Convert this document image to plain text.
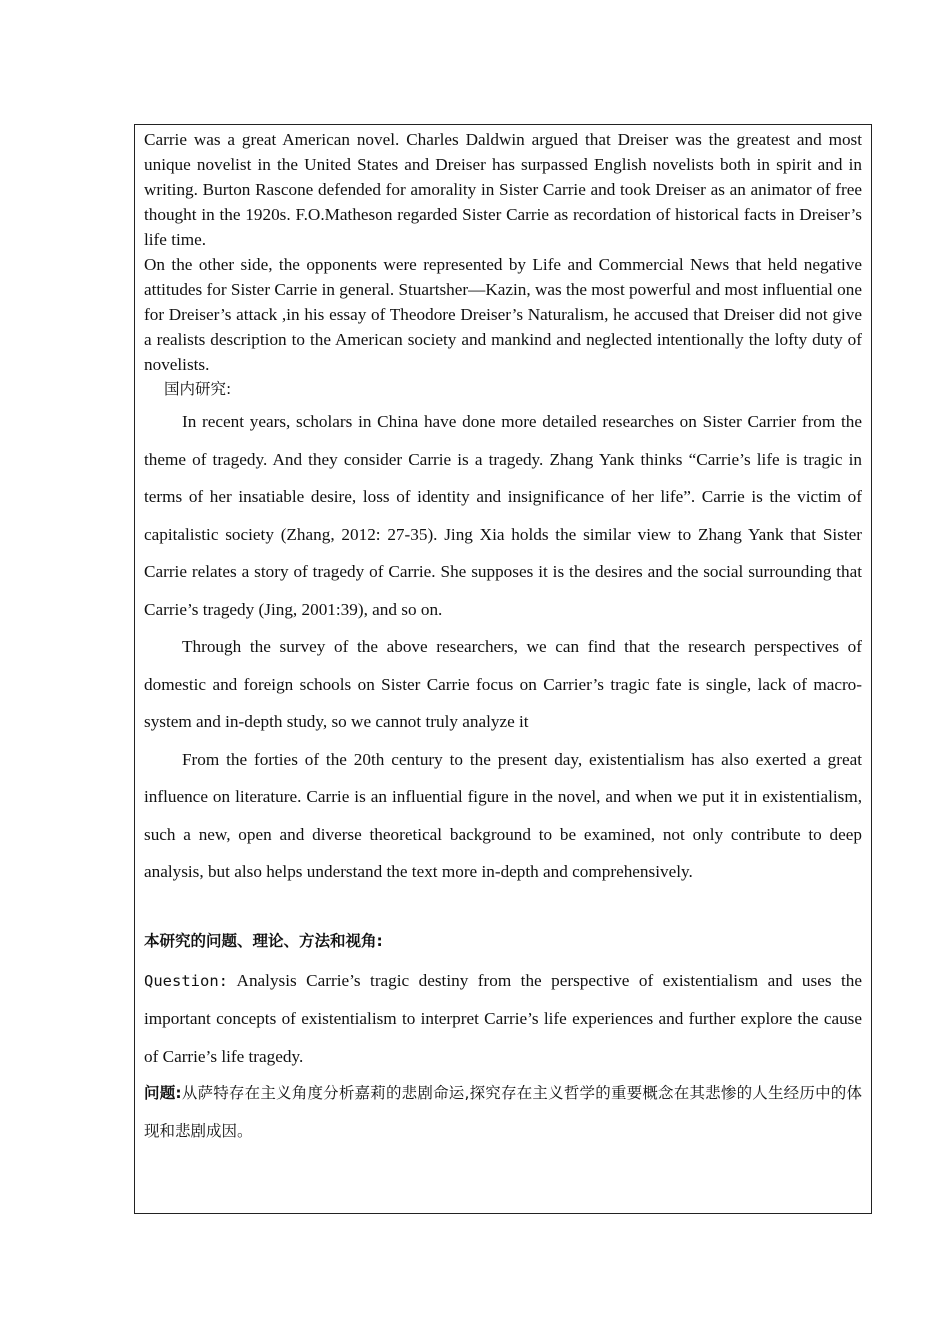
Carrie was a great American novel. Charles Daldwin argued that Dreiser was the greatest and most unique novelist in the United States and Dreiser has surpassed English novelists both in spirit and in writing. Burton Rascone defended for amorality in Sister Carrie and took Dreiser as an animator of free thought in the 1920s. F.O.Matheson regarded Sister Carrie as recordation of historical facts in Dreiser’s life time.

On the other side, the opponents were represented by Life and Commercial News that held negative attitudes for Sister Carrie in general. Stuartsher—Kazin, was the most powerful and most influential one for Dreiser’s attack ,in his essay of Theodore Dreiser’s Naturalism, he accused that Dreiser did not give a realists description to the American society and mankind and neglected intentionally the lofty duty of novelists.

国内研究:

In recent years, scholars in China have done more detailed researches on Sister Carrier from the theme of tragedy. And they consider Carrie is a tragedy. Zhang Yank thinks “Carrie’s life is tragic in terms of her insatiable desire, loss of identity and insignificance of her life”. Carrie is the victim of capitalistic society (Zhang, 2012: 27-35). Jing Xia holds the similar view to Zhang Yank that Sister Carrie relates a story of tragedy of Carrie. She supposes it is the desires and the social surrounding that Carrie’s tragedy (Jing, 2001:39), and so on.

Through the survey of the above researchers, we can find that the research perspectives of domestic and foreign schools on Sister Carrie focus on Carrier’s tragic fate is single, lack of macro-system and in-depth study, so we cannot truly analyze it

From the forties of the 20th century to the present day, existentialism has also exerted a great influence on literature. Carrie is an influential figure in the novel, and when we put it in existentialism, such a new, open and diverse theoretical background to be examined, not only contribute to deep analysis, but also helps understand the text more in-depth and comprehensively.

本研究的问题、理论、方法和视角:

Question: Analysis Carrie’s tragic destiny from the perspective of existentialism and uses the important concepts of existentialism to interpret Carrie’s life experiences and further explore the cause of Carrie’s life tragedy.

问题:从萨特存在主义角度分析嘉莉的悲剧命运,探究存在主义哲学的重要概念在其悲惨的人生经历中的体现和悲剧成因。
